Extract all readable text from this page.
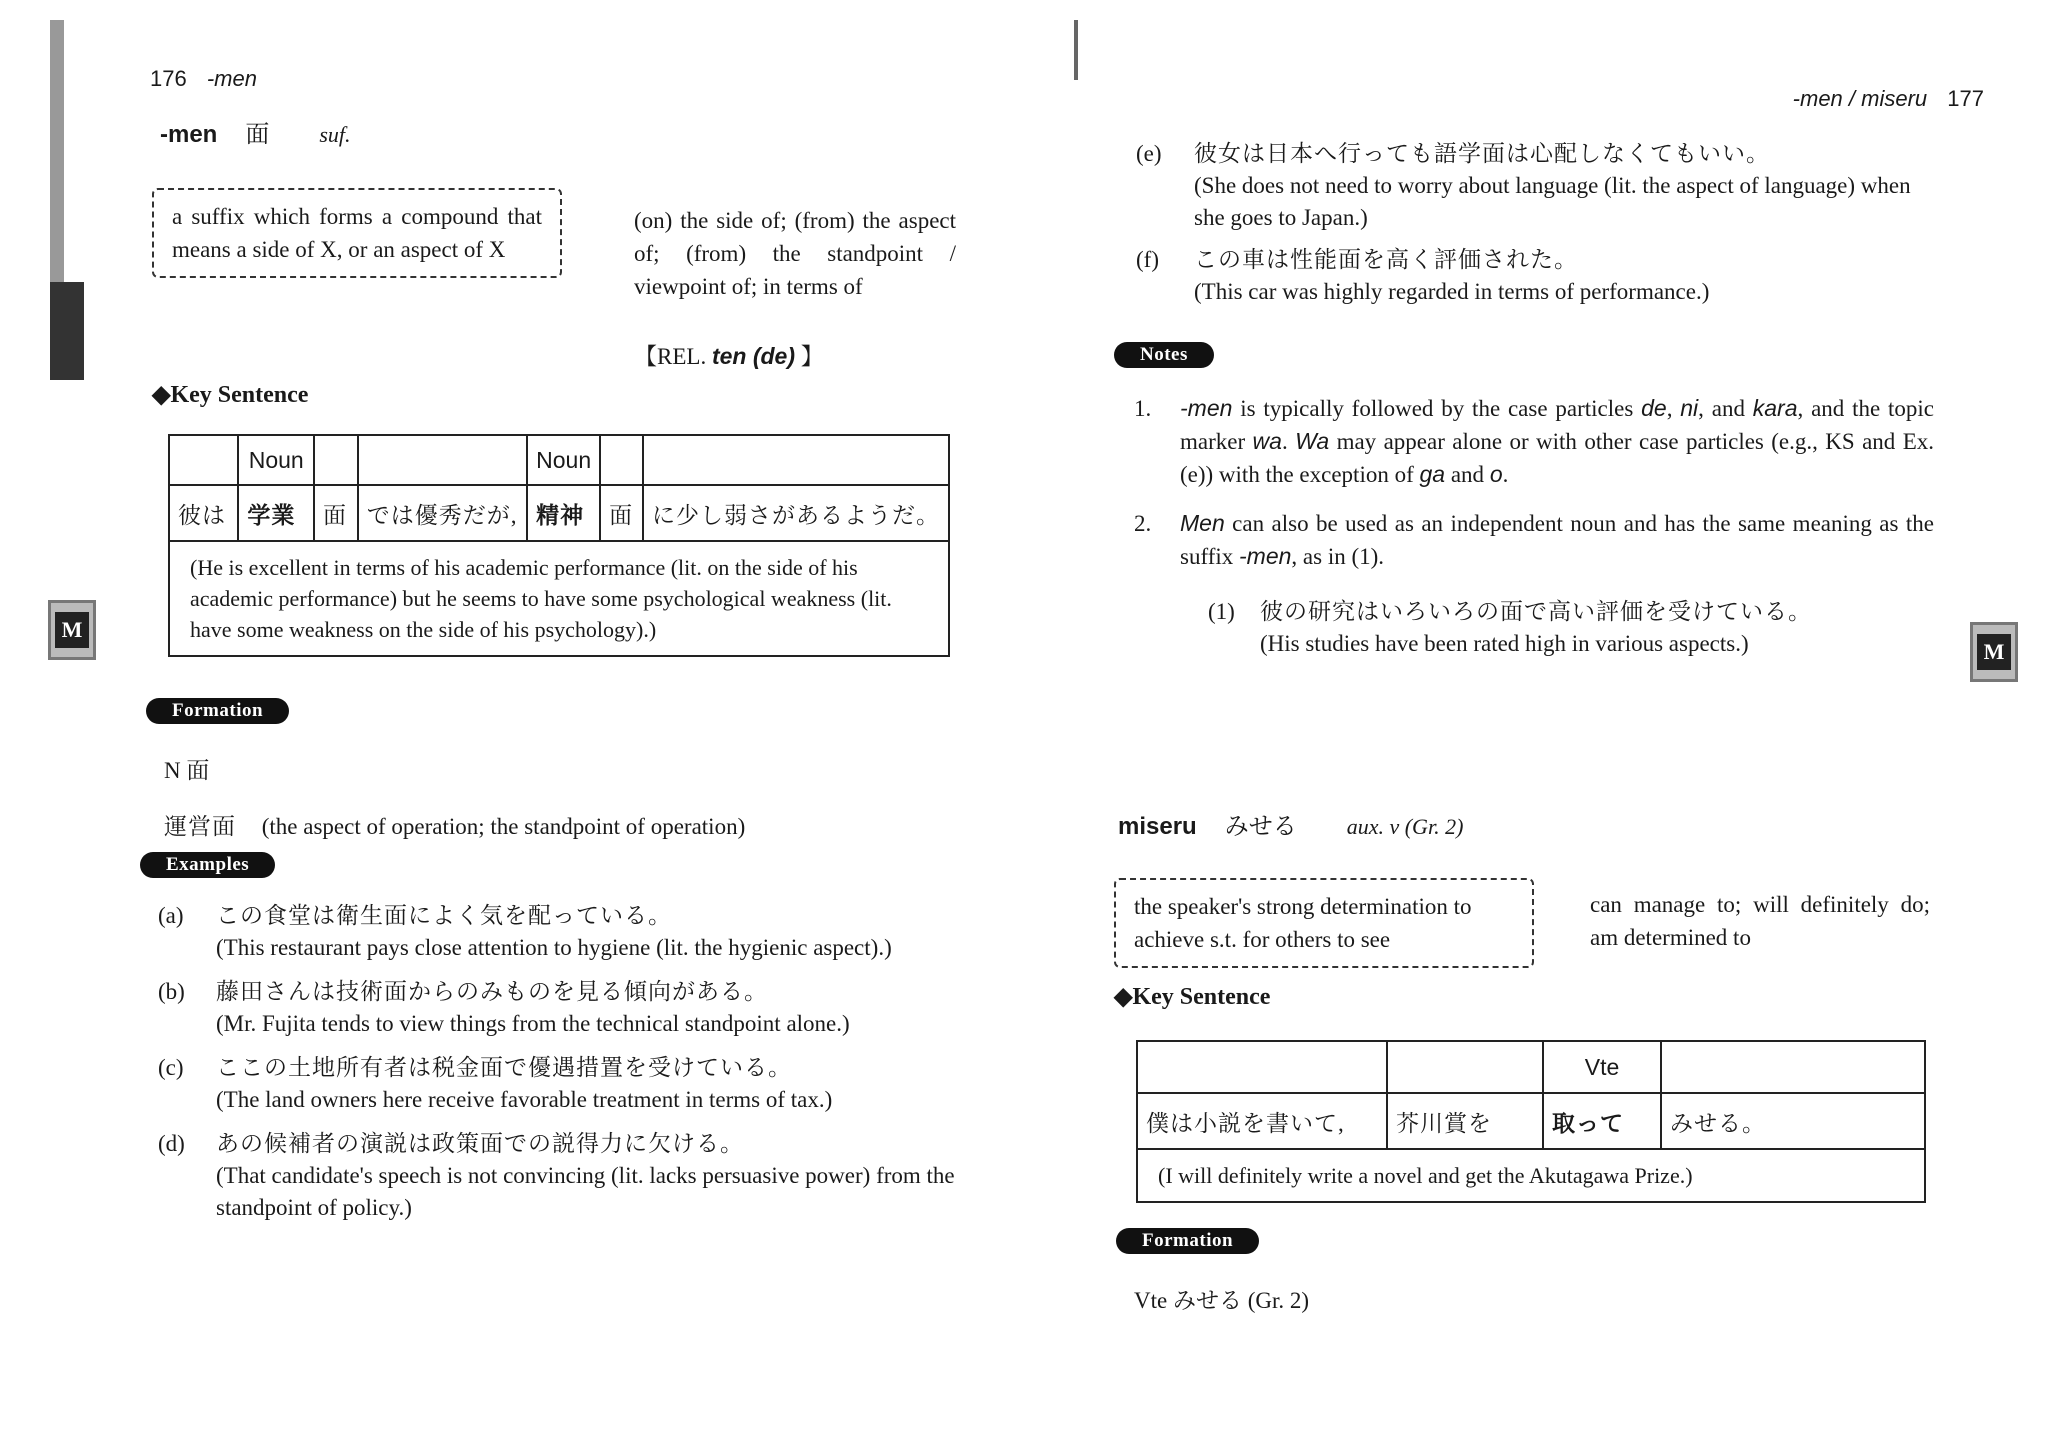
176 -men
-men 面 suf.
a suffix which forms a compound that means a side of X, or an aspect of X
(on) the side of; (from) the aspect of; (from) the standpoint / viewpoint of; in terms of
【REL. ten (de) 】
◆Key Sentence
	Noun			Noun		
彼は	学業	面	では優秀だが,	精神	面	に少し弱さがあるようだ。
(He is excellent in terms of his academic performance (lit. on the side of his academic performance) but he seems to have some psychological weakness (lit. have some weakness on the side of his psychology).)						
Formation
N 面
運営面 (the aspect of operation; the standpoint of operation)
Examples
(a) この食堂は衛生面によく気を配っている。
(This restaurant pays close attention to hygiene (lit. the hygienic aspect).)
(b) 藤田さんは技術面からのみものを見る傾向がある。
(Mr. Fujita tends to view things from the technical standpoint alone.)
(c) ここの土地所有者は税金面で優遇措置を受けている。
(The land owners here receive favorable treatment in terms of tax.)
(d) あの候補者の演説は政策面での説得力に欠ける。
(That candidate's speech is not convincing (lit. lacks persuasive power) from the standpoint of policy.)
M
-men / miseru 177
(e) 彼女は日本へ行っても語学面は心配しなくてもいい。
(She does not need to worry about language (lit. the aspect of language) when she goes to Japan.)
(f) この車は性能面を高く評価された。
(This car was highly regarded in terms of performance.)
Notes
1. -men is typically followed by the case particles de, ni, and kara, and the topic marker wa. Wa may appear alone or with other case particles (e.g., KS and Ex.(e)) with the exception of ga and o.
2. Men can also be used as an independent noun and has the same meaning as the suffix -men, as in (1).
(1) 彼の研究はいろいろの面で高い評価を受けている。
(His studies have been rated high in various aspects.)
miseru みせる aux. v (Gr. 2)
the speaker's strong determination to achieve s.t. for others to see
can manage to; will definitely do; am determined to
◆Key Sentence
		Vte	
僕は小説を書いて,	芥川賞を	取って	みせる。
(I will definitely write a novel and get the Akutagawa Prize.)			
Formation
Vte みせる (Gr. 2)
M
